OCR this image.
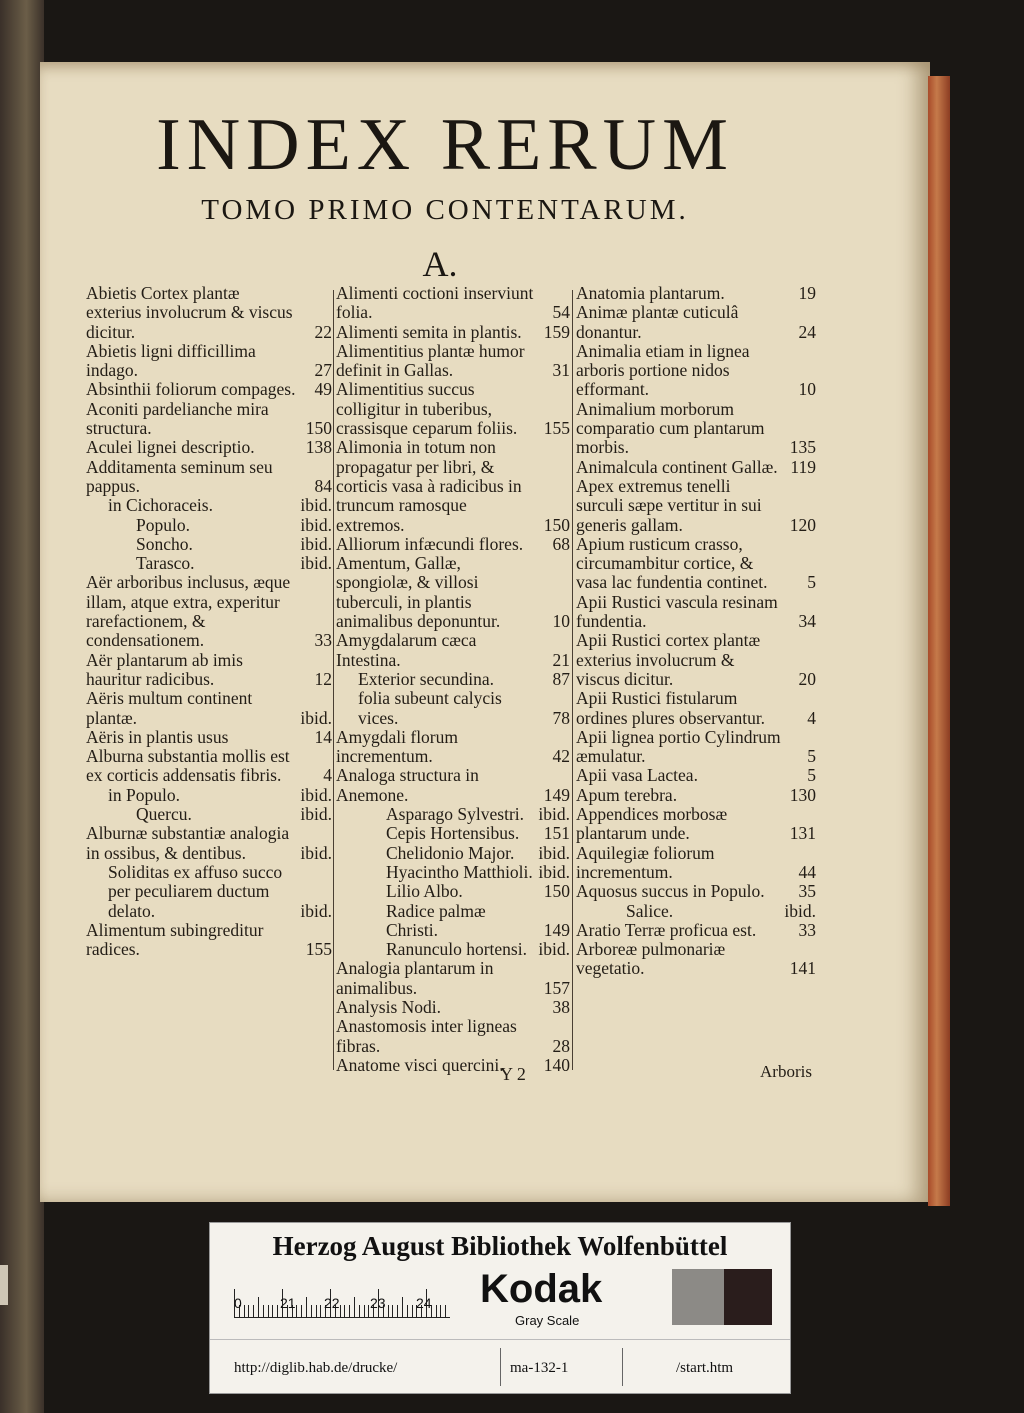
INDEX RERUM
TOMO PRIMO CONTENTARUM.
A.

Abietis Cortex plantæ exterius involucrum & viscus dicitur.	22

Abietis ligni difficillima indago.	27

Absinthii foliorum compages. 49

Aconiti pardelianche mira structura.	150

Aculei lignei descriptio.	138

Additamenta seminum seu pappus.	84

in Cichoraceis.	ibid.

Populo.	ibid.

Soncho.	ibid.

Tarasco.	ibid.

Aër arboribus inclusus, æque illam, atque extra, experitur rarefactionem, & condensationem.	33

Aër plantarum ab imis hauritur radicibus.	12

Aëris multum continent plantæ.	ibid.

Aëris in plantis usus	14

Alburna substantia mollis est ex corticis addensatis fibris. 4

in Populo.	ibid.

Quercu.	ibid.

Alburnæ substantiæ analogia in ossibus, & dentibus.	ibid.

Soliditas ex affuso succo per peculiarem ductum delato.	ibid.

Alimentum subingreditur radices.	155

Alimenti coctioni inserviunt folia.	54

Alimenti semita in plantis. 159

Alimentitius plantæ humor definit in Gallas.	31

Alimentitius succus colligitur in tuberibus, crassisque ceparum foliis. 155

Alimonia in totum non propagatur per libri, & corticis vasa à radicibus in truncum ramosque extremos.	150

Alliorum infæcundi flores. 68

Amentum, Gallæ, spongiolæ, & villosi tuberculi, in plantis animalibus deponuntur.	10

Amygdalarum cæca Intestina.	21

Exterior secundina.	87

folia subeunt calycis vices.	78

Amygdali florum incrementum.	42

Analoga structura in Anemone.	149

Asparago Sylvestri. ibid.

Cepis Hortensibus. 151

Chelidonio Major. ibid.

Hyacintho Matthioli. ibid.

Lilio Albo.	150

Radice palmæ Christi.	149

Ranunculo hortensi. ibid.

Analogia plantarum in animalibus.	157

Analysis Nodi.	38

Anastomosis inter ligneas fibras.	28

Anatome visci quercini. 140

Anatomia plantarum.	19

Animæ plantæ cuticulâ donantur.	24

Animalia etiam in lignea arboris portione nidos efformant.	10

Animalium morborum comparatio cum plantarum morbis.	135

Animalcula continent Gallæ. 119

Apex extremus tenelli surculi sæpe vertitur in sui generis gallam.	120

Apium rusticum crasso, circumambitur cortice, & vasa lac fundentia continet. 5

Apii Rustici vascula resinam fundentia.	34

Apii Rustici cortex plantæ exterius involucrum & viscus dicitur.	20

Apii Rustici fistularum ordines plures observantur. 4

Apii lignea portio Cylindrum æmulatur.	5

Apii vasa Lactea.	5

Apum terebra.	130

Appendices morbosæ plantarum unde.	131

Aquilegiæ foliorum incrementum.	44

Aquosus succus in Populo. 35

Salice.	ibid.

Aratio Terræ proficua est. 33

Arboreæ pulmonariæ vegetatio.	141

Y 2	Arboris
Herzog August Bibliothek Wolfenbüttel
0	21 22 23 24 Kodak
Gray Scale
http://diglib.hab.de/drucke/	ma-132-1	/start.htm
